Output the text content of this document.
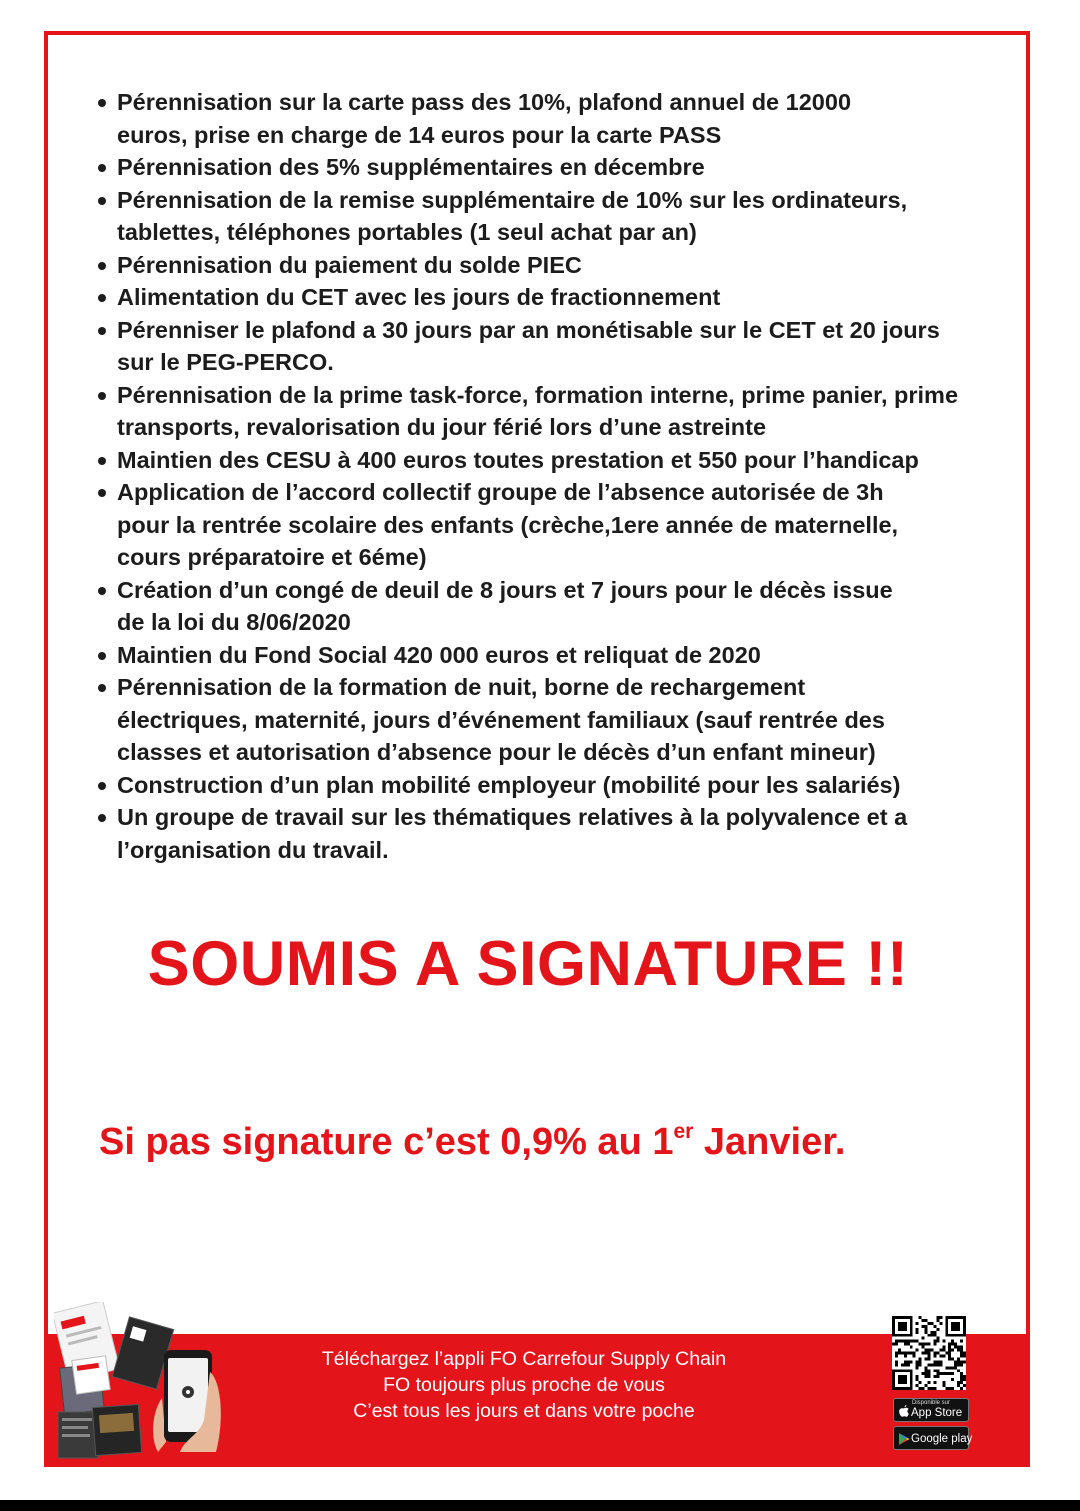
Pérennisation sur la carte pass des 10%, plafond annuel de 12000
euros, prise en charge de 14 euros pour la carte PASS
Pérennisation des 5% supplémentaires en décembre
Pérennisation de la remise supplémentaire de 10% sur les ordinateurs,
tablettes, téléphones portables (1 seul achat par an)
Pérennisation du paiement du solde PIEC
Alimentation du CET avec les jours de fractionnement
Pérenniser le plafond a 30 jours par an monétisable sur le CET et 20 jours
sur le PEG-PERCO.
Pérennisation de la prime task-force, formation interne, prime panier, prime
transports, revalorisation du jour férié lors d’une astreinte
Maintien des CESU à 400 euros toutes prestation et 550 pour l’handicap
Application de l’accord collectif groupe de l’absence autorisée de 3h
pour la rentrée scolaire des enfants (crèche,1ere année de maternelle,
cours préparatoire et 6éme)
Création d’un congé de deuil de 8 jours et 7 jours pour le décès issue
de la loi du 8/06/2020
Maintien du Fond Social 420 000 euros et reliquat de 2020
Pérennisation de la formation de nuit, borne de rechargement
électriques, maternité, jours d’événement familiaux (sauf rentrée des
classes et autorisation d’absence pour le décès d’un enfant mineur)
Construction d’un plan mobilité employeur (mobilité pour les salariés)
Un groupe de travail sur les thématiques relatives à la polyvalence et a
l’organisation du travail.
SOUMIS A SIGNATURE !!
Si pas signature c’est 0,9% au 1er Janvier.
Téléchargez l’appli FO Carrefour Supply Chain
FO toujours plus proche de vous
C’est tous les jours et dans votre poche	Disponible sur
App Store
Google play
